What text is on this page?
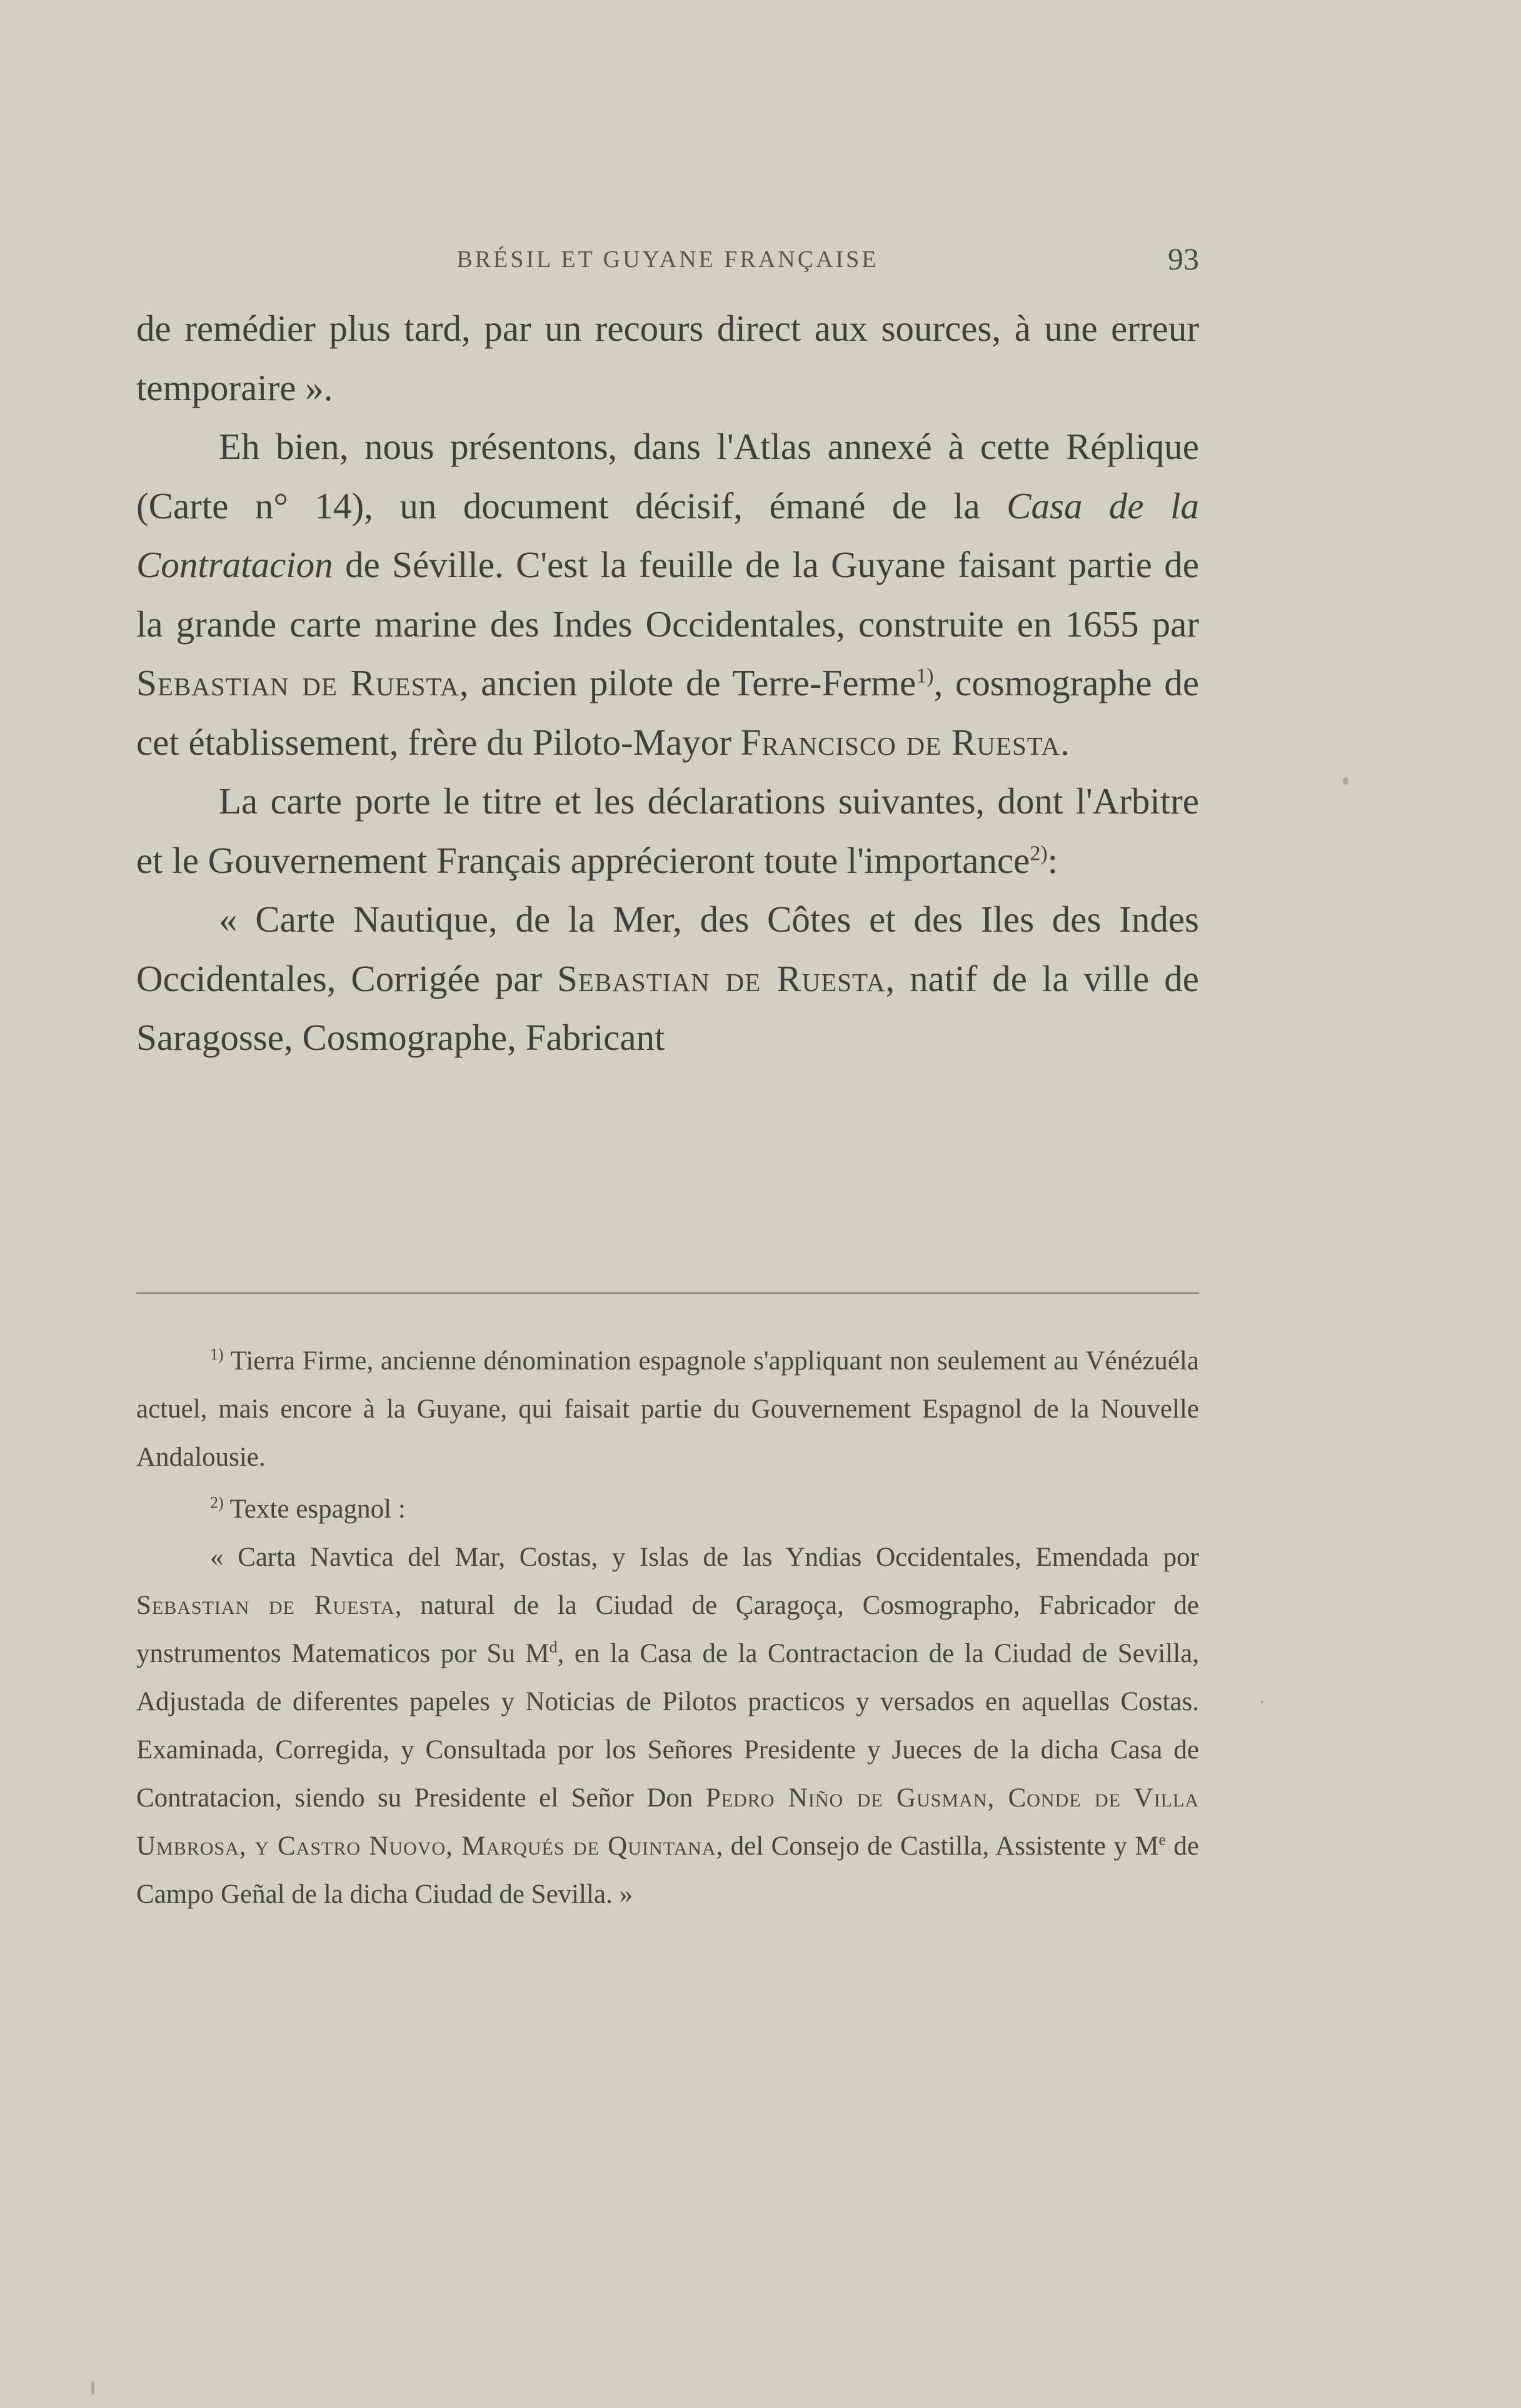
BRÉSIL ET GUYANE FRANÇAISE	93

de remédier plus tard, par un recours direct aux sources, à une erreur temporaire ».

Eh bien, nous présentons, dans l'Atlas annexé à cette Réplique (Carte n° 14), un document décisif, émané de la Casa de la Contratacion de Séville. C'est la feuille de la Guyane faisant partie de la grande carte marine des Indes Occidentales, construite en 1655 par Sebastian de Ruesta, ancien pilote de Terre-Ferme$^{1)}$, cosmographe de cet établissement, frère du Piloto-Mayor Francisco de Ruesta.

La carte porte le titre et les déclarations suivantes, dont l'Arbitre et le Gouvernement Français apprécieront toute l'importance$^{2)}$:

« Carte Nautique, de la Mer, des Côtes et des Iles des Indes Occidentales, Corrigée par Sebastian de Ruesta, natif de la ville de Saragosse, Cosmographe, Fabricant

$^{1)}$ Tierra Firme, ancienne dénomination espagnole s'appliquant non seulement au Vénézuéla actuel, mais encore à la Guyane, qui faisait partie du Gouvernement Espagnol de la Nouvelle Andalousie.

$^{2)}$ Texte espagnol :

« Carta Navtica del Mar, Costas, y Islas de las Yndias Occidentales, Emendada por Sebastian de Ruesta, natural de la Ciudad de Çaragoça, Cosmographo, Fabricador de ynstrumentos Matematicos por Su $M^d$, en la Casa de la Contractacion de la Ciudad de Sevilla, Adjustada de diferentes papeles y Noticias de Pilotos practicos y versados en aquellas Costas. Examinada, Corregida, y Consultada por los Señores Presidente y Jueces de la dicha Casa de Contratacion, siendo su Presidente el Señor Don Pedro Niño de Gusman, Conde de Villa Umbrosa, y Castro Nuovo, Marqués de Quintana, del Consejo de Castilla, Assistente y Me de Campo Geñal de la dicha Ciudad de Sevilla. »
